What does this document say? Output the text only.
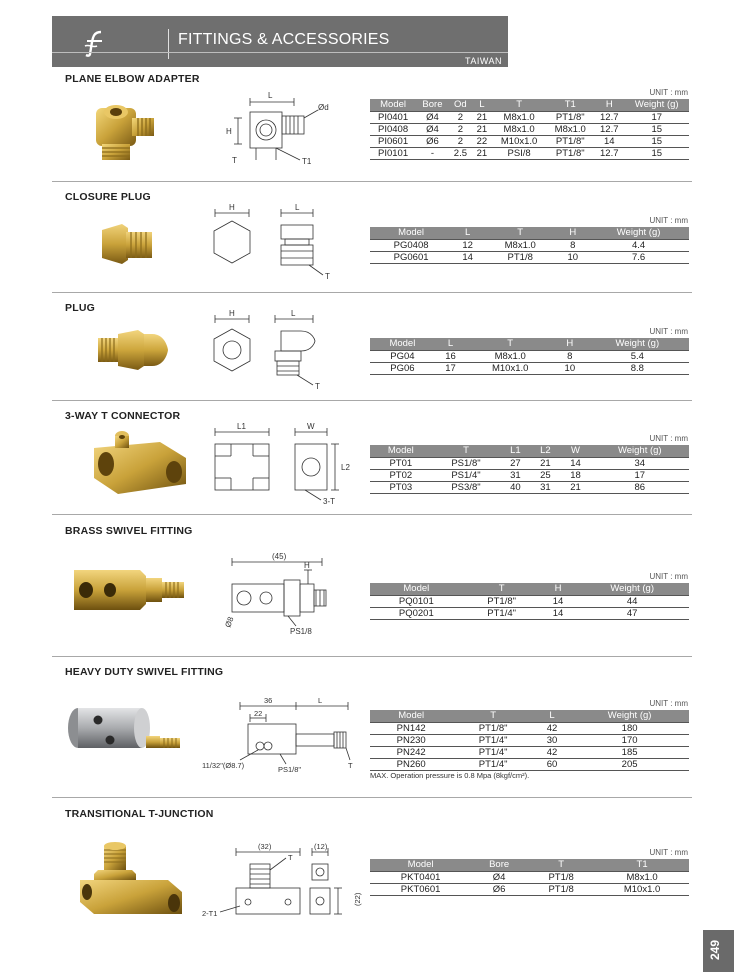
FITTINGS & ACCESSORIES
TAIWAN
PLANE ELBOW ADAPTER
L
Ød
H
T	T1
UNIT : mm
Model	Bore	Od	L	T	T1	H	Weight (g)
PI0401	Ø4	2	21	M8x1.0	PT1/8"	12.7	17
PI0408	Ø4	2	21	M8x1.0	M8x1.0	12.7	15
PI0601	Ø6	2	22	M10x1.0	PT1/8"	14	15
PI0101	-	2.5	21	PSI/8	PT1/8"	12.7	15
CLOSURE PLUG
H	L
T
UNIT : mm
Model	L	T	H	Weight (g)
PG0408	12	M8x1.0	8	4.4
PG0601	14	PT1/8	10	7.6
PLUG	H	L
T
UNIT : mm
Model	L	T	H	Weight (g)
PG04	16	M8x1.0	8	5.4
PG06	17	M10x1.0	10	8.8
3-WAY T CONNECTOR
L1	W
L2
3-T
UNIT : mm
Model	T	L1	L2	W	Weight (g)
PT01	PS1/8"	27	21	14	34
PT02	PS1/4"	31	25	18	17
PT03	PS3/8"	40	31	21	86
BRASS SWIVEL FITTING
(45)
H
Ø8
PS1/8
UNIT : mm
Model	T	H	Weight (g)
PQ0101	PT1/8"	14	44
PQ0201	PT1/4"	14	47
HEAVY DUTY SWIVEL FITTING
36	L
22
11/32"(Ø8.7)	PS1/8"	T
UNIT : mm
Model	T	L	Weight (g)
PN142	PT1/8"	42	180
PN230	PT1/4"	30	170
PN242	PT1/4"	42	185
PN260	PT1/4"	60	205
MAX. Operation pressure is 0.8 Mpa (8kgf/cm²).
TRANSITIONAL T-JUNCTION
(32)	(12)
T
(22)
2-T1
UNIT : mm
Model	Bore	T	T1
PKT0401	Ø4	PT1/8	M8x1.0
PKT0601	Ø6	PT1/8	M10x1.0
249
